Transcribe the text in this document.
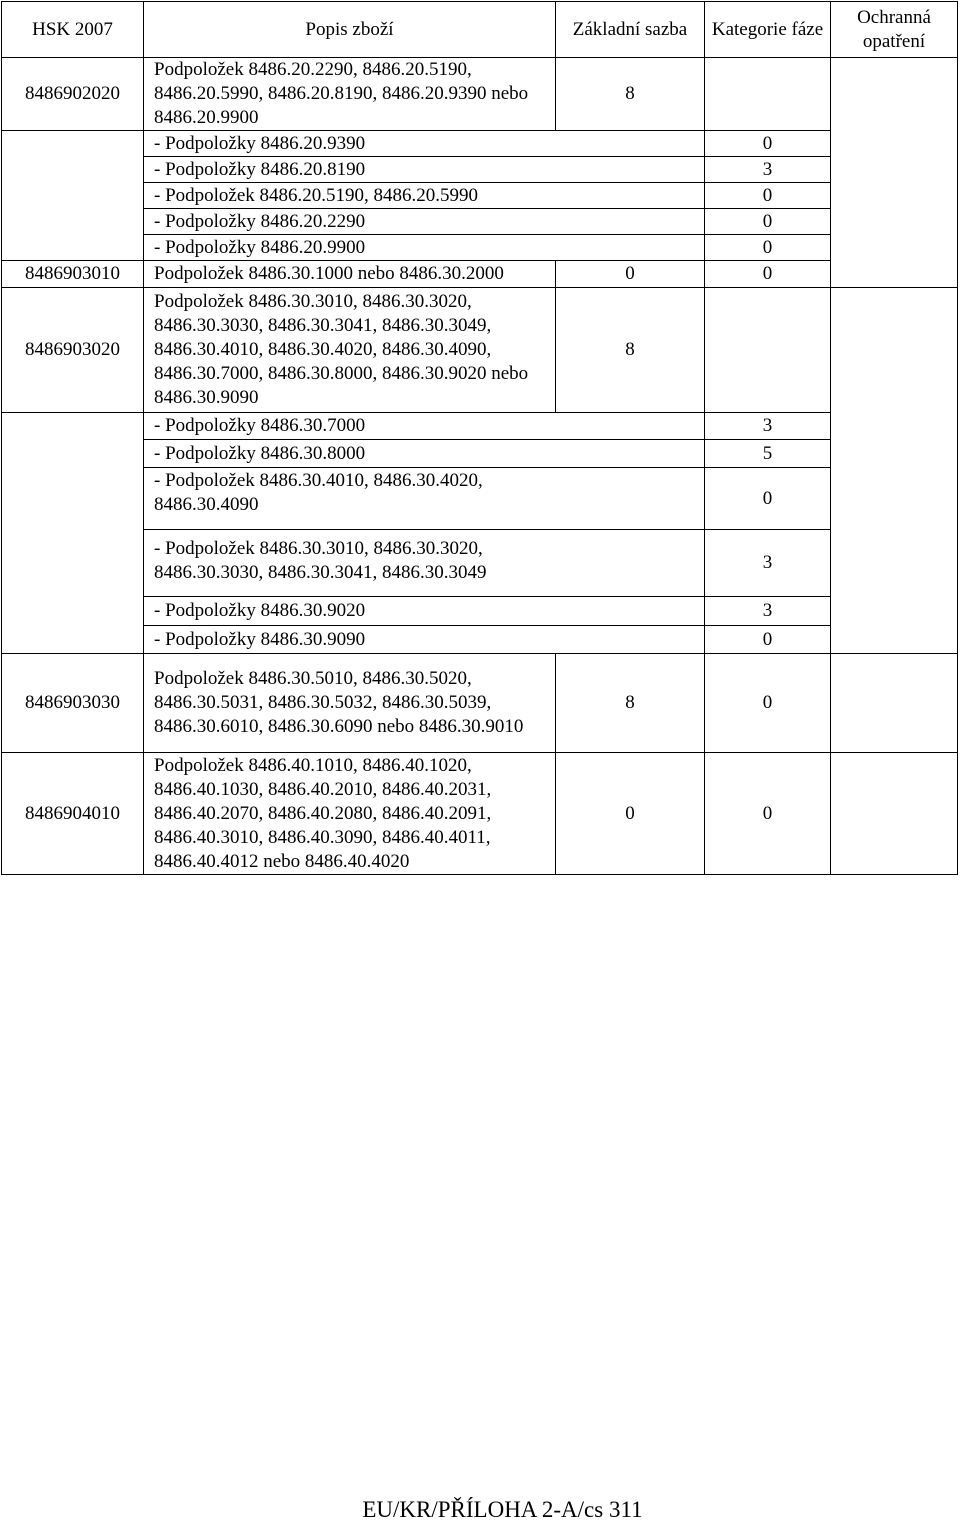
HSK 2007	Popis zboží	Základní sazba	Kategorie fáze	Ochranná opatření
8486902020	Podpoložek 8486.20.2290, 8486.20.5190, 8486.20.5990, 8486.20.8190, 8486.20.9390 nebo 8486.20.9900	8		
	- Podpoložky 8486.20.9390		0	
	- Podpoložky 8486.20.8190		3	
	- Podpoložek 8486.20.5190, 8486.20.5990		0	
	- Podpoložky 8486.20.2290		0	
	- Podpoložky 8486.20.9900		0	
8486903010	Podpoložek 8486.30.1000 nebo 8486.30.2000	0	0	
8486903020	Podpoložek 8486.30.3010, 8486.30.3020, 8486.30.3030, 8486.30.3041, 8486.30.3049, 8486.30.4010, 8486.30.4020, 8486.30.4090, 8486.30.7000, 8486.30.8000, 8486.30.9020 nebo 8486.30.9090	8		
	- Podpoložky 8486.30.7000		3	
	- Podpoložky 8486.30.8000		5	

	- Podpoložek 8486.30.4010, 8486.30.4020, 8486.30.4090		0	

	- Podpoložek 8486.30.3010, 8486.30.3020, 8486.30.3030, 8486.30.3041, 8486.30.3049		3	
	- Podpoložky 8486.30.9020		3	
	- Podpoložky 8486.30.9090		0	
8486903030	Podpoložek 8486.30.5010, 8486.30.5020, 8486.30.5031, 8486.30.5032, 8486.30.5039, 8486.30.6010, 8486.30.6090 nebo 8486.30.9010	8	0	
8486904010	Podpoložek 8486.40.1010, 8486.40.1020, 8486.40.1030, 8486.40.2010, 8486.40.2031, 8486.40.2070, 8486.40.2080, 8486.40.2091, 8486.40.3010, 8486.40.3090, 8486.40.4011, 8486.40.4012 nebo 8486.40.4020	0	0	
EU/KR/PŘÍLOHA 2-A/cs 311
